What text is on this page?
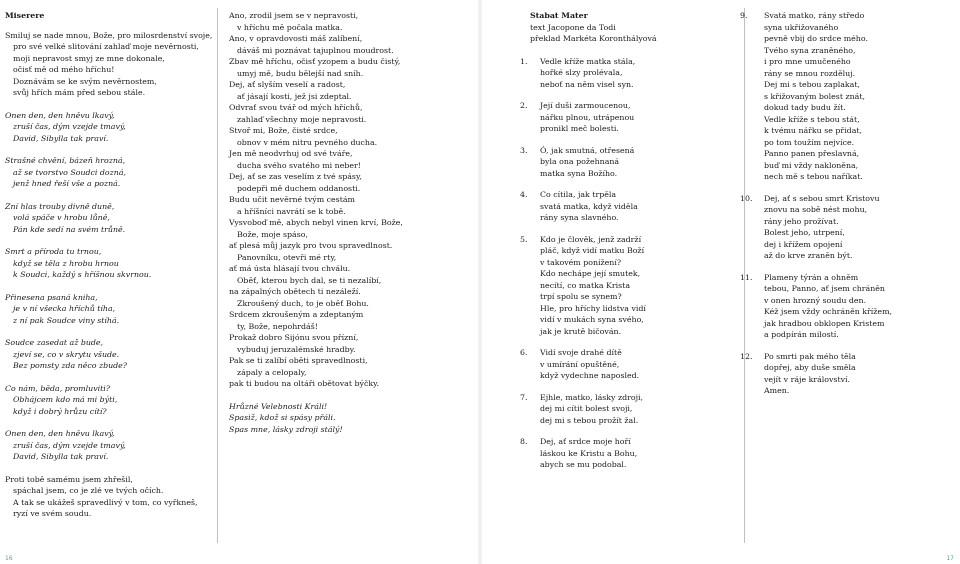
Miserere
Smiluj se nade mnou, Bože, pro milosrdenství svoje,
pro své velké slitování zahlaď moje nevěrnosti,
moji nepravost smyj ze mne dokonale,
očisť mě od mého hříchu!
Doznávám se ke svým nevěrnostem,
svůj hřích mám před sebou stále.
Onen den, den hněvu lkavý,
zruší čas, dým vzejde tmavý,
David, Sibylla tak praví.
Strašné chvění, bázeň hrozná,
až se tvorstvo Soudci dozná,
jenž hned řeší vše a pozná.
Zní hlas trouby divně duně,
volá spáče v hrobu lůně,
Pán kde sedí na svém trůně.
Smrt a příroda tu trnou,
když se těla z hrobu hrnou
k Soudci, každý s hříšnou skvrnou.
Přinesena psaná kniha,
je v ní všecka hříchů tíha,
z ní pak Soudce viny stíhá.
Soudce zasedat až bude,
zjeví se, co v skrytu všude.
Bez pomsty zda něco zbude?
Co nám, běda, promluviti?
Obhájcem kdo má mi býti,
když i dobrý hrůzu cítí?
Onen den, den hněvu lkavý,
zruší čas, dým vzejde tmavý,
David, Sibylla tak praví.
Proti tobě samému jsem zhřešil,
spáchal jsem, co je zlé ve tvých očích.
A tak se ukážeš spravedlivý v tom, co vyřkneš,
ryzí ve svém soudu.
Ano, zrodil jsem se v nepravosti,
v hříchu mě počala matka.
Ano, v opravdovosti máš zalíbení,
dáváš mi poznávat tajuplnou moudrost.
Zbav mě hříchu, očisť yzopem a budu čistý,
umyj mě, budu bělejší nad sníh.
Dej, ať slyším veselí a radost,
ať jásají kosti, jež jsi zdeptal.
Odvrať svou tvář od mých hříchů,
zahlaď všechny moje nepravosti.
Stvoř mi, Bože, čisté srdce,
obnov v mém nitru pevného ducha.
Jen mě neodvrhuj od své tváře,
ducha svého svatého mi neber!
Dej, ať se zas veselím z tvé spásy,
podepři mě duchem oddanosti.
Budu učit nevěrné tvým cestám
a hříšníci navrátí se k tobě.
Vysvoboď mě, abych nebyl vinen krví, Bože,
Bože, moje spáso,
ať plesá můj jazyk pro tvou spravedlnost.
Panovníku, otevři mé rty,
ať má ústa hlásají tvou chválu.
Oběť, kterou bych dal, se ti nezalíbí,
na zápalných obětech ti nezáleží.
Zkroušený duch, to je oběť Bohu.
Srdcem zkroušeným a zdeptaným
ty, Bože, nepohrdáš!
Prokaž dobro Sijónu svou přízní,
vybuduj jeruzalémské hradby.
Pak se ti zalíbí oběti spravedlnosti,
zápaly a celopaly,
pak ti budou na oltáři obětovat býčky.
Hrůzné Velebnosti Králi!
Spasiž, kdož si spásy přáli.
Spas mne, lásky zdroji stálý!
16
Stabat Mater
text Jacopone da Todi
překlad Markéta Koronthályová
1. Vedle kříže matka stála,
hořké slzy prolévala,
neboť na něm visel syn.
2. Její duši zarmoucenou,
nářku plnou, utrápenou
pronikl meč bolesti.
3. Ó, jak smutná, otřesená
byla ona požehnaná
matka syna Božího.
4. Co cítila, jak trpěla
svatá matka, když viděla
rány syna slavného.
5. Kdo je člověk, jenž zadrží
pláč, když vidí matku Boží
v takovém ponížení?
Kdo nechápe její smutek,
necítí, co matka Krista
trpí spolu se synem?
Hle, pro hříchy lidstva vidí
vidí v mukách syna svého,
jak je krutě bičován.
6. Vidí svoje drahé dítě
v umírání opuštěné,
když vydechne naposled.
7. Ejhle, matko, lásky zdroji,
dej mi cítit bolest svoji,
dej mi s tebou prožít žal.
8. Dej, ať srdce moje hoří
láskou ke Kristu a Bohu,
abych se mu podobal.
9. Svatá matko, rány středo
syna ukřižovaného
pevně vbij do srdce mého.
Tvého syna zraněného,
i pro mne umučeného
rány se mnou rozděluj.
Dej mi s tebou zaplakat,
s křižovaným bolest znát,
dokud tady budu žít.
Vedle kříže s tebou stát,
k tvému nářku se přidat,
po tom toužím nejvíce.
Panno panen přeslavná,
buď mi vždy nakloněna,
nech mě s tebou naříkat.
10. Dej, ať s sebou smrt Kristovu
znovu na sobě nést mohu,
rány jeho prožívat.
Bolest jeho, utrpení,
dej i křížem opojení
až do krve zraněn být.
11. Plameny týrán a ohněm
tebou, Panno, ať jsem chráněn
v onen hrozný soudu den.
Kéž jsem vždy ochráněn křížem,
jak hradbou obklopen Kristem
a podpírán milostí.
12. Po smrti pak mého těla
dopřej, aby duše směla
vejít v ráje království.
Amen.
17
